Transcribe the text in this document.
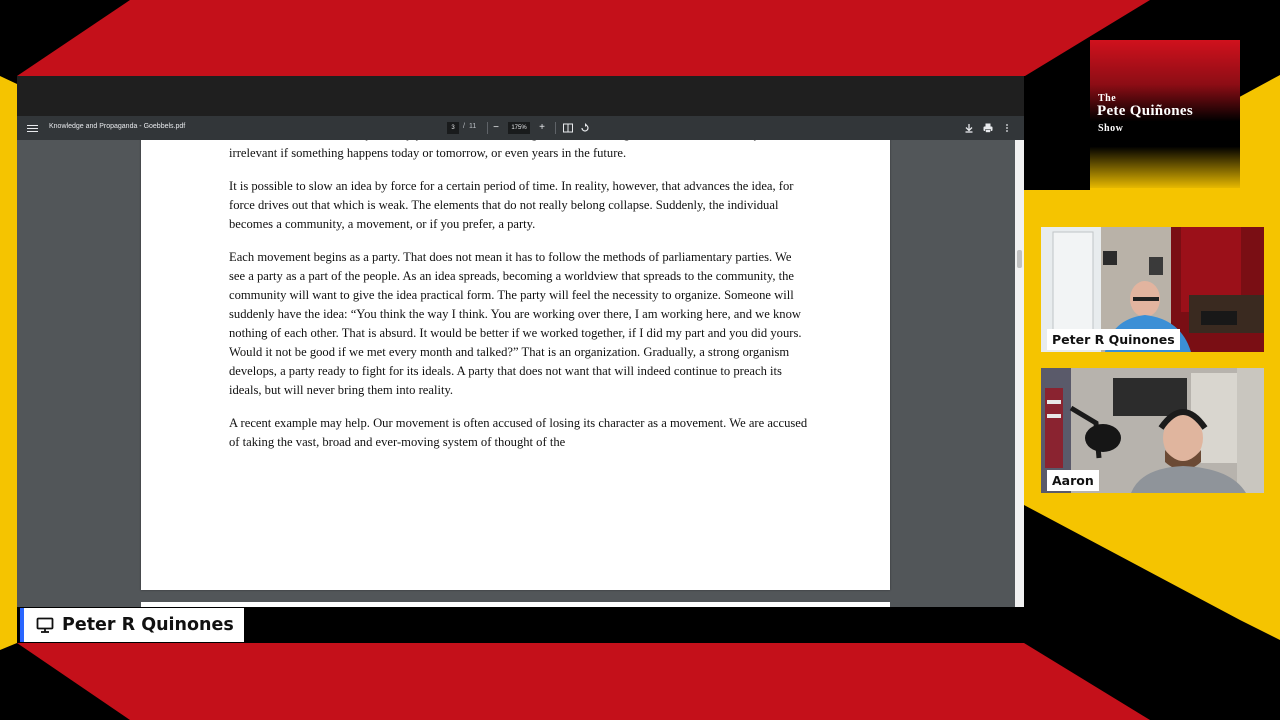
Knowledge and Propaganda - Goebbels.pdf	3	/ 11	−	175%	+

irrelevant if something happens today or tomorrow, or even years in the future.

It is possible to slow an idea by force for a certain period of time. In reality, however, that advances the idea, for force drives out that which is weak. The elements that do not really belong collapse. Suddenly, the individual becomes a community, a movement, or if you prefer, a party.

Each movement begins as a party. That does not mean it has to follow the methods of parliamentary parties. We see a party as a part of the people. As an idea spreads, becoming a worldview that spreads to the community, the community will want to give the idea practical form. The party will feel the necessity to organize. Someone will suddenly have the idea: “You think the way I think. You are working over there, I am working here, and we know nothing of each other. That is absurd. It would be better if we worked together, if I did my part and you did yours. Would it not be good if we met every month and talked?” That is an organization. Gradually, a strong organism develops, a party ready to fight for its ideals. A party that does not want that will indeed continue to preach its ideals, but will never bring them into reality.

A recent example may help. Our movement is often accused of losing its character as a movement. We are accused of taking the vast, broad and ever-moving system of thought of the

Peter R Quinones
The
Pete Quiñones
Show
Peter R Quinones
Aaron
